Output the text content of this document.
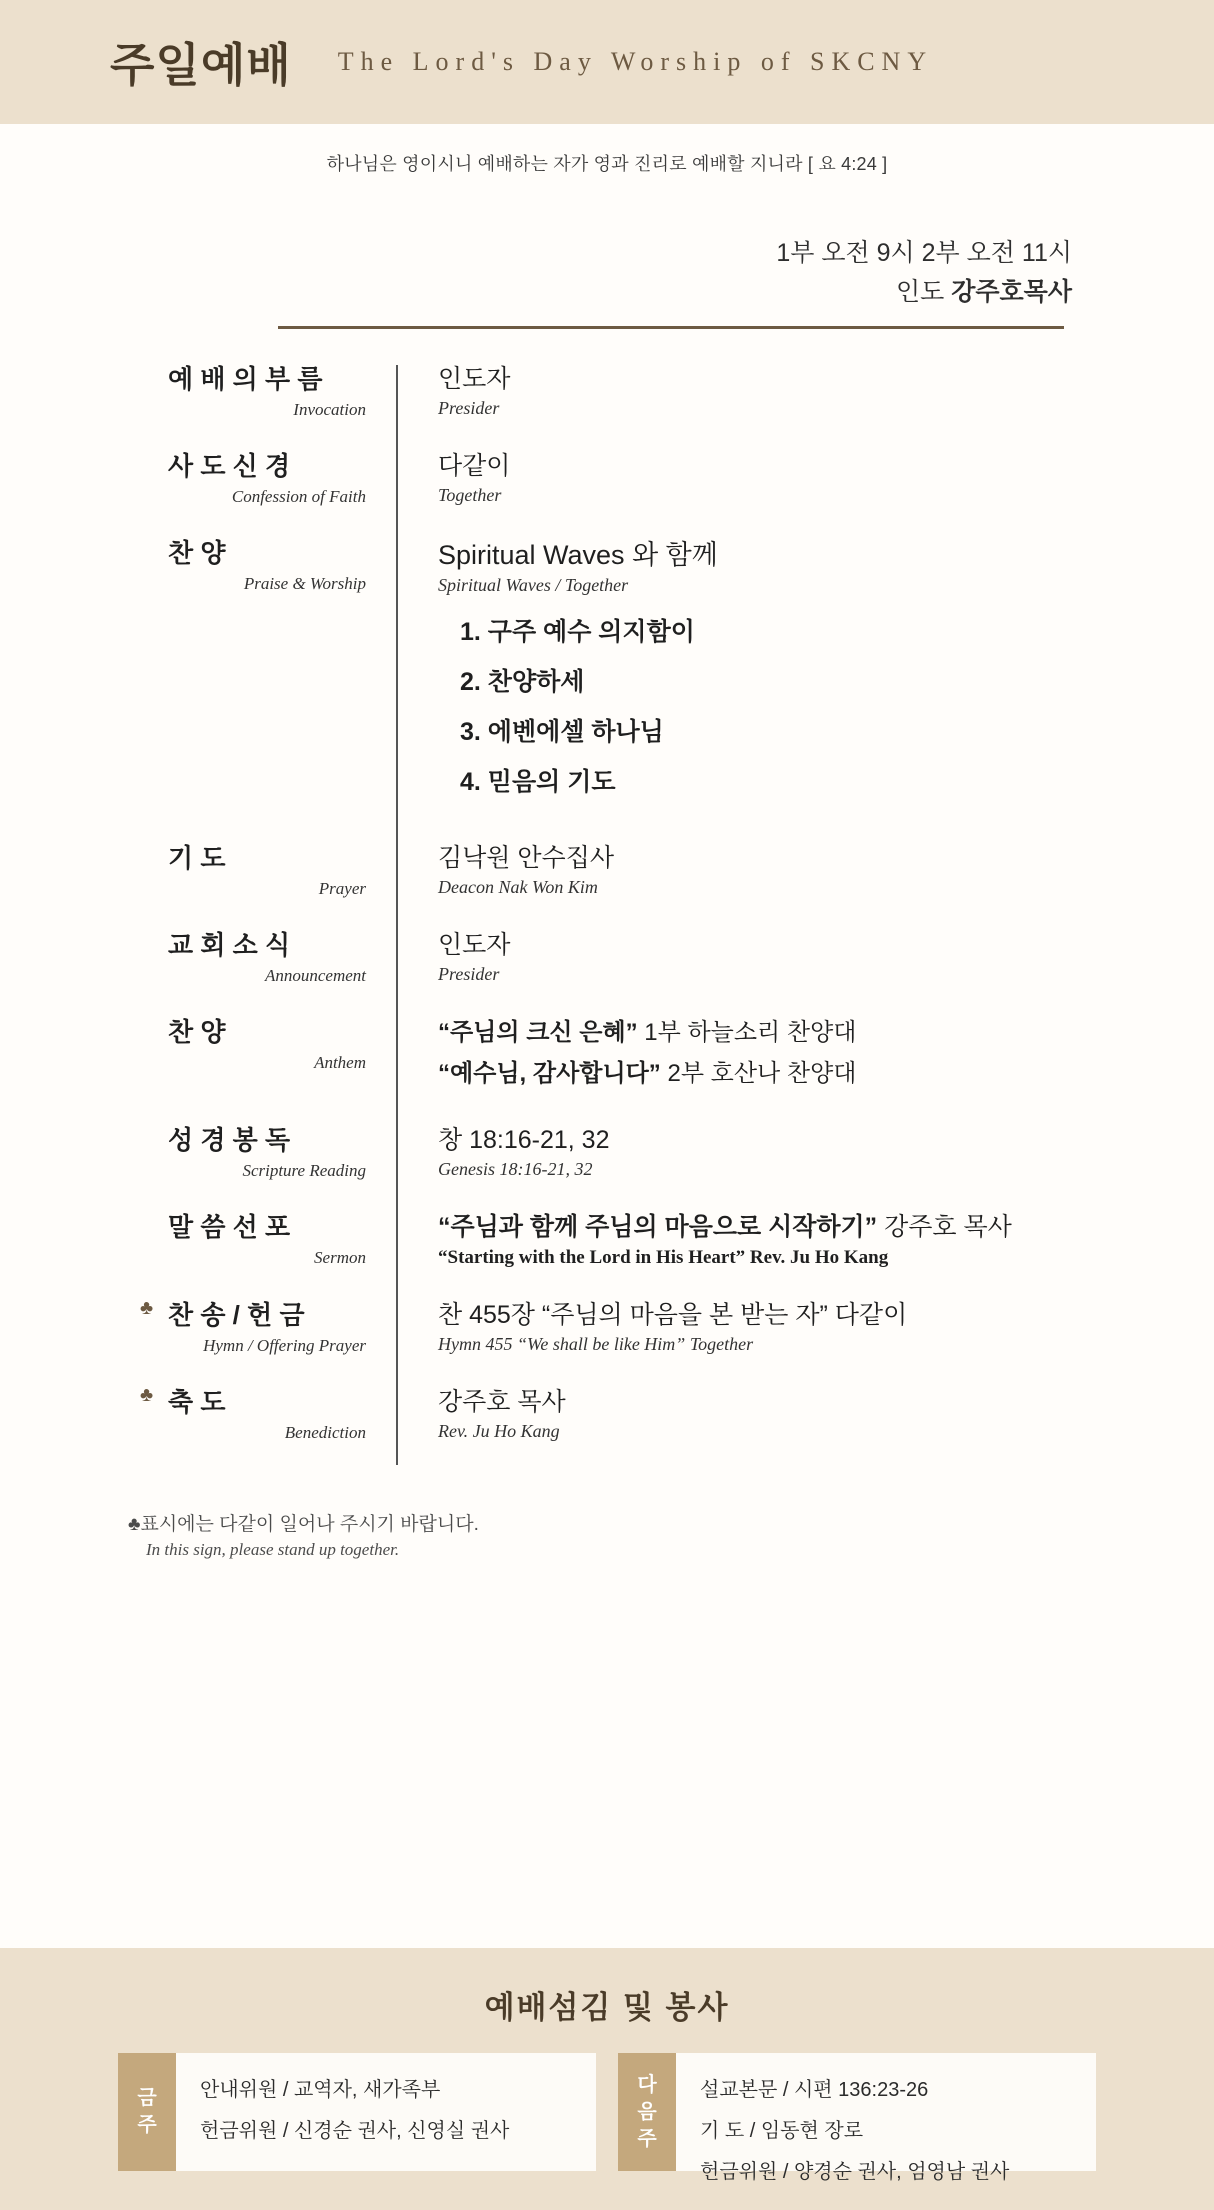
주일예배 The Lord's Day Worship of SKCNY
하나님은 영이시니 예배하는 자가 영과 진리로 예배할 지니라 [ 요 4:24 ]
1부 오전 9시 2부 오전 11시
인도 강주호목사
예 배 의 부 름
Invocation
인도자
Presider
사 도 신 경
Confession of Faith
다같이
Together
찬 양
Praise & Worship
Spiritual Waves 와 함께
Spiritual Waves / Together
1. 구주 예수 의지함이
2. 찬양하세
3. 에벤에셀 하나님
4. 믿음의 기도
기 도
Prayer
김낙원 안수집사
Deacon Nak Won Kim
교 회 소 식
Announcement
인도자
Presider
찬 양
Anthem
“주님의 크신 은혜” 1부 하늘소리 찬양대
“예수님, 감사합니다” 2부 호산나 찬양대
성 경 봉 독
Scripture Reading
창 18:16-21, 32
Genesis 18:16-21, 32
말 씀 선 포
Sermon
“주님과 함께 주님의 마음으로 시작하기” 강주호 목사
“Starting with the Lord in His Heart” Rev. Ju Ho Kang
♣ 찬 송 / 헌 금
Hymn / Offering Prayer
찬 455장 “주님의 마음을 본 받는 자” 다같이
Hymn 455 “We shall be like Him” Together
♣ 축 도
Benediction
강주호 목사
Rev. Ju Ho Kang
♣표시에는 다같이 일어나 주시기 바랍니다.
In this sign, please stand up together.
예배섬김 및 봉사
금
주
안내위원 / 교역자, 새가족부
헌금위원 / 신경순 권사, 신영실 권사
다
음
주
설교본문 / 시편 136:23-26
기 도 / 임동현 장로
헌금위원 / 양경순 권사, 엄영남 권사
